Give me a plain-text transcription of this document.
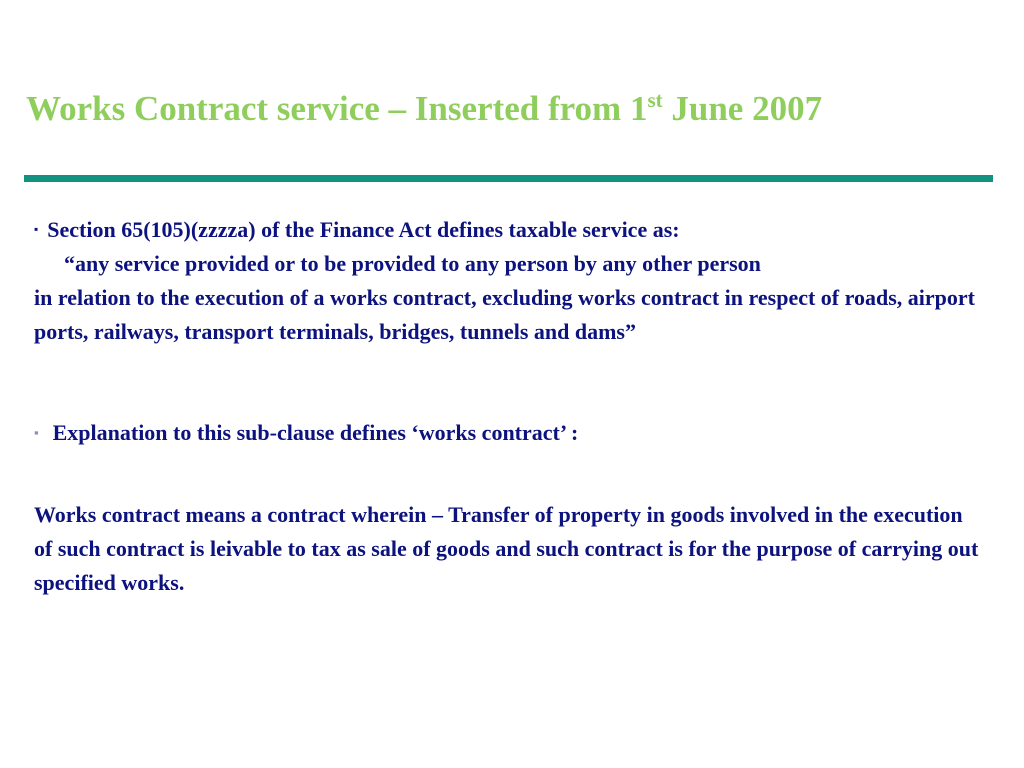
Works Contract service – Inserted from 1st June 2007
▪ Section 65(105)(zzzza) of the Finance Act defines taxable service as:
“any service provided or to be provided to any person by any other person
in relation to the execution of a works contract, excluding works contract in respect of roads, airport ports, railways, transport terminals, bridges, tunnels and dams”
▪ Explanation to this sub-clause defines ‘works contract’ :

Works contract means a contract wherein – Transfer of property in goods involved in the execution of such contract is leivable to tax as sale of goods and such contract is for the purpose of carrying out specified works.
